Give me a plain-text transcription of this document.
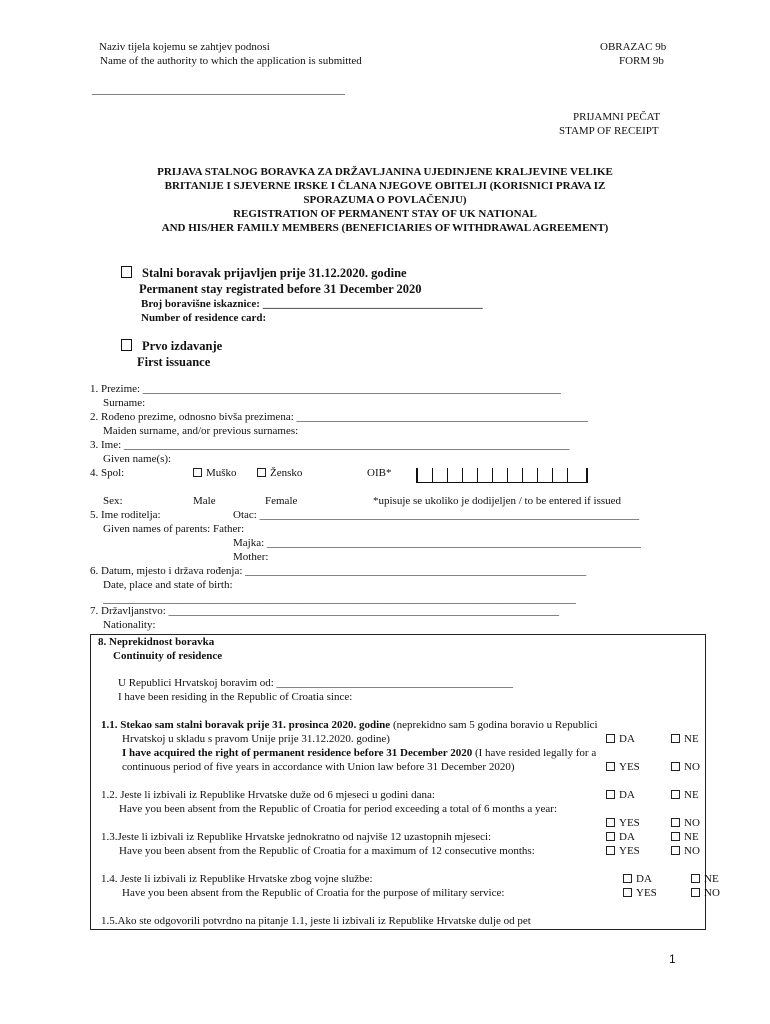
Naziv tijela kojemu se zahtjev podnosi
Name of the authority to which the application is submitted
______________________________________________
OBRAZAC 9b
FORM 9b
PRIJAMNI PEČAT
STAMP OF RECEIPT
PRIJAVA STALNOG BORAVKA ZA DRŽAVLJANINA UJEDINJENE KRALJEVINE VELIKE
BRITANIJE I SJEVERNE IRSKE I ČLANA NJEGOVE OBITELJI (KORISNICI PRAVA IZ
SPORAZUMA O POVLAČENJU)
REGISTRATION OF PERMANENT STAY OF UK NATIONAL
AND HIS/HER FAMILY MEMBERS (BENEFICIARIES OF WITHDRAWAL AGREEMENT)
Stalni boravak prijavljen prije 31.12.2020. godine
Permanent stay registrated before 31 December 2020
Broj boravišne iskaznice: ________________________________________
Number of residence card:
Prvo izdavanje
First issuance
1. Prezime: ____________________________________________________________________________
Surname:
2. Rođeno prezime, odnosno bivša prezimena: _____________________________________________________
Maiden surname, and/or previous surnames:
3. Ime: _________________________________________________________________________________
Given name(s):
4. Spol:	Muško	Žensko	OIB*
Sex:	Male	Female	*upisuje se ukoliko je dodijeljen / to be entered if issued
5. Ime roditelja:	Otac: _____________________________________________________________________
Given names of parents: Father:
Majka: ____________________________________________________________________
Mother:
6. Datum, mjesto i država rođenja: ______________________________________________________________
Date, place and state of birth:
______________________________________________________________________________________
7. Državljanstvo: _______________________________________________________________________
Nationality:
8. Neprekidnost boravka
Continuity of residence
U Republici Hrvatskoj boravim od: ___________________________________________
I have been residing in the Republic of Croatia since:
1.1. Stekao sam stalni boravak prije 31. prosinca 2020. godine (neprekidno sam 5 godina boravio u Republici
Hrvatskoj u skladu s pravom Unije prije 31.12.2020. godine)	DA	NE
I have acquired the right of permanent residence before 31 December 2020 (I have resided legally for a
continuous period of five years in accordance with Union law before 31 December 2020)	YES	NO
1.2. Jeste li izbivali iz Republike Hrvatske duže od 6 mjeseci u godini dana:	DA	NE
Have you been absent from the Republic of Croatia for period exceeding a total of 6 months a year:
YES	NO
1.3.Jeste li izbivali iz Republike Hrvatske jednokratno od najviše 12 uzastopnih mjeseci:	DA	NE
Have you been absent from the Republic of Croatia for a maximum of 12 consecutive months:	YES	NO
1.4. Jeste li izbivali iz Republike Hrvatske zbog vojne službe:	DA	NE
Have you been absent from the Republic of Croatia for the purpose of military service:	YES	NO
1.5.Ako ste odgovorili potvrdno na pitanje 1.1, jeste li izbivali iz Republike Hrvatske dulje od pet
1
